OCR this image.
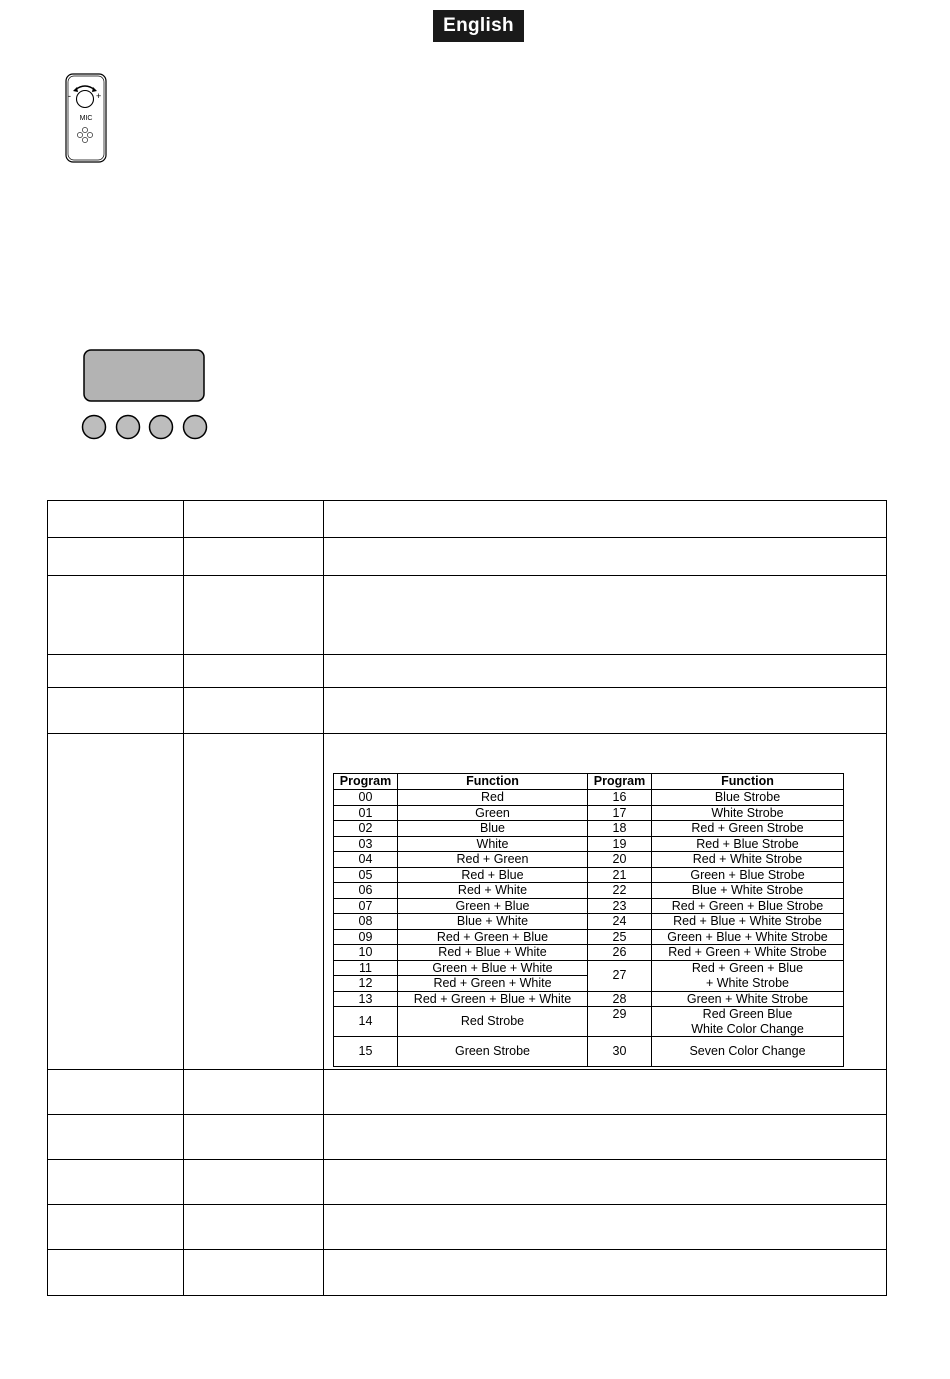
English
-	+
MIC

Program	Function	Program	Function
00	Red	16	Blue Strobe
01	Green	17	White Strobe
02	Blue	18	Red + Green Strobe
03	White	19	Red + Blue Strobe
04	Red + Green	20	Red + White Strobe
05	Red + Blue	21	Green + Blue Strobe
06	Red + White	22	Blue + White Strobe
07	Green + Blue	23	Red + Green + Blue Strobe
08	Blue + White	24	Red + Blue + White Strobe
09	Red + Green + Blue	25	Green + Blue + White Strobe
10	Red + Blue + White	26	Red + Green + White Strobe
11	Green + Blue + White	27	Red + Green + Blue
+ White Strobe
12	Red + Green + White		
13	Red + Green + Blue + White	28	Green + White Strobe
14	Red Strobe	29	Red Green Blue
White Color Change
15	Green Strobe	30	Seven Color Change
